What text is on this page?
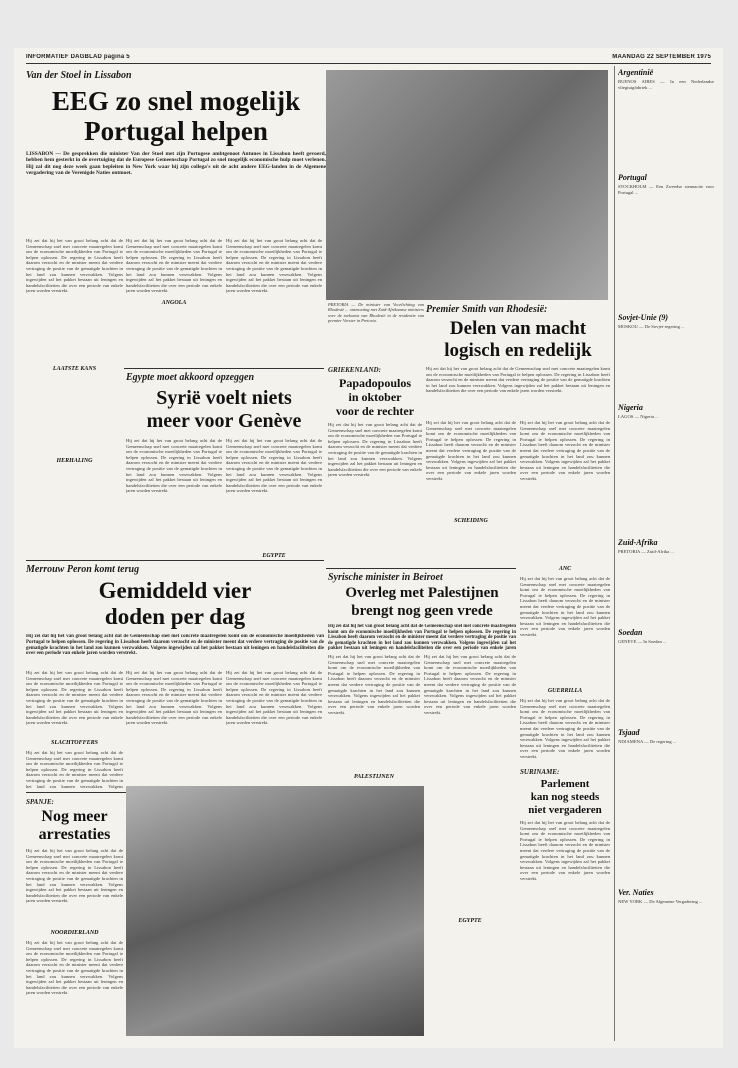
INFORMATIEF DAGBLAD pagina 5	MAANDAG 22 SEPTEMBER 1975
Van der Stoel in Lissabon
EEG zo snel mogelijk
Portugal helpen
LISSABON — De gesprekken die minister Van der Stoel met zijn Portugese ambtgenoot Antunes in Lissabon heeft gevoerd, hebben hem gesterkt in de overtuiging dat de Europese Gemeenschap Portugal zo snel mogelijk economische hulp moet verlenen. Hij zal dit nog deze week gaan bepleiten in New York waar hij zijn collega's uit de acht andere EEG-landen in de Algemene vergadering van de Verenigde Naties ontmoet.
Hij zei dat hij het van groot belang acht dat de Gemeenschap snel met concrete maatregelen komt om de economische moeilijkheden van Portugal te helpen oplossen. De regering in Lissabon heeft daarom verzocht en de minister meent dat verdere vertraging de positie van de gematigde krachten in het land zou kunnen verzwakken. Volgens ingewijden zal het pakket bestaan uit leningen en handelsfaciliteiten die over een periode van enkele jaren worden verstrekt.
Hij zei dat hij het van groot belang acht dat de Gemeenschap snel met concrete maatregelen komt om de economische moeilijkheden van Portugal te helpen oplossen. De regering in Lissabon heeft daarom verzocht en de minister meent dat verdere vertraging de positie van de gematigde krachten in het land zou kunnen verzwakken. Volgens ingewijden zal het pakket bestaan uit leningen en handelsfaciliteiten die over een periode van enkele jaren worden verstrekt.
Hij zei dat hij het van groot belang acht dat de Gemeenschap snel met concrete maatregelen komt om de economische moeilijkheden van Portugal te helpen oplossen. De regering in Lissabon heeft daarom verzocht en de minister meent dat verdere vertraging de positie van de gematigde krachten in het land zou kunnen verzwakken. Volgens ingewijden zal het pakket bestaan uit leningen en handelsfaciliteiten die over een periode van enkele jaren worden verstrekt.
ANGOLA
LAATSTE KANS
HERHALING
PRETORIA — De minister van Voorlichting van Rhodesië ... ontmoeting met Zuid-Afrikaanse ministers over de toekomst van Rhodesië in de residentie van premier Vorster in Pretoria.
Egypte moet akkoord opzeggen
Syrië voelt niets
meer voor Genève
Hij zei dat hij het van groot belang acht dat de Gemeenschap snel met concrete maatregelen komt om de economische moeilijkheden van Portugal te helpen oplossen. De regering in Lissabon heeft daarom verzocht en de minister meent dat verdere vertraging de positie van de gematigde krachten in het land zou kunnen verzwakken. Volgens ingewijden zal het pakket bestaan uit leningen en handelsfaciliteiten die over een periode van enkele jaren worden verstrekt.
Hij zei dat hij het van groot belang acht dat de Gemeenschap snel met concrete maatregelen komt om de economische moeilijkheden van Portugal te helpen oplossen. De regering in Lissabon heeft daarom verzocht en de minister meent dat verdere vertraging de positie van de gematigde krachten in het land zou kunnen verzwakken. Volgens ingewijden zal het pakket bestaan uit leningen en handelsfaciliteiten die over een periode van enkele jaren worden verstrekt.
EGYPTE
Premier Smith van Rhodesië:
Delen van macht
logisch en redelijk
Hij zei dat hij het van groot belang acht dat de Gemeenschap snel met concrete maatregelen komt om de economische moeilijkheden van Portugal te helpen oplossen. De regering in Lissabon heeft daarom verzocht en de minister meent dat verdere vertraging de positie van de gematigde krachten in het land zou kunnen verzwakken. Volgens ingewijden zal het pakket bestaan uit leningen en handelsfaciliteiten die over een periode van enkele jaren worden verstrekt.
Hij zei dat hij het van groot belang acht dat de Gemeenschap snel met concrete maatregelen komt om de economische moeilijkheden van Portugal te helpen oplossen. De regering in Lissabon heeft daarom verzocht en de minister meent dat verdere vertraging de positie van de gematigde krachten in het land zou kunnen verzwakken. Volgens ingewijden zal het pakket bestaan uit leningen en handelsfaciliteiten die over een periode van enkele jaren worden verstrekt.
Hij zei dat hij het van groot belang acht dat de Gemeenschap snel met concrete maatregelen komt om de economische moeilijkheden van Portugal te helpen oplossen. De regering in Lissabon heeft daarom verzocht en de minister meent dat verdere vertraging de positie van de gematigde krachten in het land zou kunnen verzwakken. Volgens ingewijden zal het pakket bestaan uit leningen en handelsfaciliteiten die over een periode van enkele jaren worden verstrekt.
SCHEIDING
ANC
GUERRILLA
Hij zei dat hij het van groot belang acht dat de Gemeenschap snel met concrete maatregelen komt om de economische moeilijkheden van Portugal te helpen oplossen. De regering in Lissabon heeft daarom verzocht en de minister meent dat verdere vertraging de positie van de gematigde krachten in het land zou kunnen verzwakken. Volgens ingewijden zal het pakket bestaan uit leningen en handelsfaciliteiten die over een periode van enkele jaren worden verstrekt.
GRIEKENLAND:
Papadopoulos
in oktober
voor de rechter
Hij zei dat hij het van groot belang acht dat de Gemeenschap snel met concrete maatregelen komt om de economische moeilijkheden van Portugal te helpen oplossen. De regering in Lissabon heeft daarom verzocht en de minister meent dat verdere vertraging de positie van de gematigde krachten in het land zou kunnen verzwakken. Volgens ingewijden zal het pakket bestaan uit leningen en handelsfaciliteiten die over een periode van enkele jaren worden verstrekt.
Merrouw Peron komt terug
Gemiddeld vier
doden per dag
Hij zei dat hij het van groot belang acht dat de Gemeenschap snel met concrete maatregelen komt om de economische moeilijkheden van Portugal te helpen oplossen. De regering in Lissabon heeft daarom verzocht en de minister meent dat verdere vertraging de positie van de gematigde krachten in het land zou kunnen verzwakken. Volgens ingewijden zal het pakket bestaan uit leningen en handelsfaciliteiten die over een periode van enkele jaren worden verstrekt.
Hij zei dat hij het van groot belang acht dat de Gemeenschap snel met concrete maatregelen komt om de economische moeilijkheden van Portugal te helpen oplossen. De regering in Lissabon heeft daarom verzocht en de minister meent dat verdere vertraging de positie van de gematigde krachten in het land zou kunnen verzwakken. Volgens ingewijden zal het pakket bestaan uit leningen en handelsfaciliteiten die over een periode van enkele jaren worden verstrekt.
Hij zei dat hij het van groot belang acht dat de Gemeenschap snel met concrete maatregelen komt om de economische moeilijkheden van Portugal te helpen oplossen. De regering in Lissabon heeft daarom verzocht en de minister meent dat verdere vertraging de positie van de gematigde krachten in het land zou kunnen verzwakken. Volgens ingewijden zal het pakket bestaan uit leningen en handelsfaciliteiten die over een periode van enkele jaren worden verstrekt.
Hij zei dat hij het van groot belang acht dat de Gemeenschap snel met concrete maatregelen komt om de economische moeilijkheden van Portugal te helpen oplossen. De regering in Lissabon heeft daarom verzocht en de minister meent dat verdere vertraging de positie van de gematigde krachten in het land zou kunnen verzwakken. Volgens ingewijden zal het pakket bestaan uit leningen en handelsfaciliteiten die over een periode van enkele jaren worden verstrekt.
SLACHTOFFERS
Hij zei dat hij het van groot belang acht dat de Gemeenschap snel met concrete maatregelen komt om de economische moeilijkheden van Portugal te helpen oplossen. De regering in Lissabon heeft daarom verzocht en de minister meent dat verdere vertraging de positie van de gematigde krachten in het land zou kunnen verzwakken. Volgens
SPANJE:
Nog meer
arrestaties
Hij zei dat hij het van groot belang acht dat de Gemeenschap snel met concrete maatregelen komt om de economische moeilijkheden van Portugal te helpen oplossen. De regering in Lissabon heeft daarom verzocht en de minister meent dat verdere vertraging de positie van de gematigde krachten in het land zou kunnen verzwakken. Volgens ingewijden zal het pakket bestaan uit leningen en handelsfaciliteiten die over een periode van enkele jaren worden verstrekt.
NOORDIERLAND
Hij zei dat hij het van groot belang acht dat de Gemeenschap snel met concrete maatregelen komt om de economische moeilijkheden van Portugal te helpen oplossen. De regering in Lissabon heeft daarom verzocht en de minister meent dat verdere vertraging de positie van de gematigde krachten in het land zou kunnen verzwakken. Volgens ingewijden zal het pakket bestaan uit leningen en handelsfaciliteiten die over een periode van enkele jaren worden verstrekt.
Syrische minister in Beiroet
Overleg met Palestijnen
brengt nog geen vrede
Hij zei dat hij het van groot belang acht dat de Gemeenschap snel met concrete maatregelen komt om de economische moeilijkheden van Portugal te helpen oplossen. De regering in Lissabon heeft daarom verzocht en de minister meent dat verdere vertraging de positie van de gematigde krachten in het land zou kunnen verzwakken. Volgens ingewijden zal het pakket bestaan uit leningen en handelsfaciliteiten die over een periode van enkele jaren
Hij zei dat hij het van groot belang acht dat de Gemeenschap snel met concrete maatregelen komt om de economische moeilijkheden van Portugal te helpen oplossen. De regering in Lissabon heeft daarom verzocht en de minister meent dat verdere vertraging de positie van de gematigde krachten in het land zou kunnen verzwakken. Volgens ingewijden zal het pakket bestaan uit leningen en handelsfaciliteiten die over een periode van enkele jaren worden verstrekt.
Hij zei dat hij het van groot belang acht dat de Gemeenschap snel met concrete maatregelen komt om de economische moeilijkheden van Portugal te helpen oplossen. De regering in Lissabon heeft daarom verzocht en de minister meent dat verdere vertraging de positie van de gematigde krachten in het land zou kunnen verzwakken. Volgens ingewijden zal het pakket bestaan uit leningen en handelsfaciliteiten die over een periode van enkele jaren worden verstrekt.
PALESTIJNEN
EGYPTE
SURINAME:
Parlement
kan nog steeds
niet vergaderen
Hij zei dat hij het van groot belang acht dat de Gemeenschap snel met concrete maatregelen komt om de economische moeilijkheden van Portugal te helpen oplossen. De regering in Lissabon heeft daarom verzocht en de minister meent dat verdere vertraging de positie van de gematigde krachten in het land zou kunnen verzwakken. Volgens ingewijden zal het pakket bestaan uit leningen en handelsfaciliteiten die over een periode van enkele jaren worden verstrekt.
Hij zei dat hij het van groot belang acht dat de Gemeenschap snel met concrete maatregelen komt om de economische moeilijkheden van Portugal te helpen oplossen. De regering in Lissabon heeft daarom verzocht en de minister meent dat verdere vertraging de positie van de gematigde krachten in het land zou kunnen verzwakken. Volgens ingewijden zal het pakket bestaan uit leningen en handelsfaciliteiten die over een periode van enkele jaren worden verstrekt.
Argentinië
BUENOS AIRES — In een Nederlandse vliegtuigfabriek ...
Portugal
STOCKHOLM — Een Zweedse steunactie voor Portugal ...
Sovjet-Unie (9)
MOSKOU — De Sovjet-regering ...
Nigeria
LAGOS — Nigeria ...
Zuid-Afrika
PRETORIA — Zuid-Afrika ...
Soedan
GENEVE — In Soedan ...
Tsjaad
NDJAMENA — De regering ...
Ver. Naties
NEW YORK — De Algemene Vergadering ...
